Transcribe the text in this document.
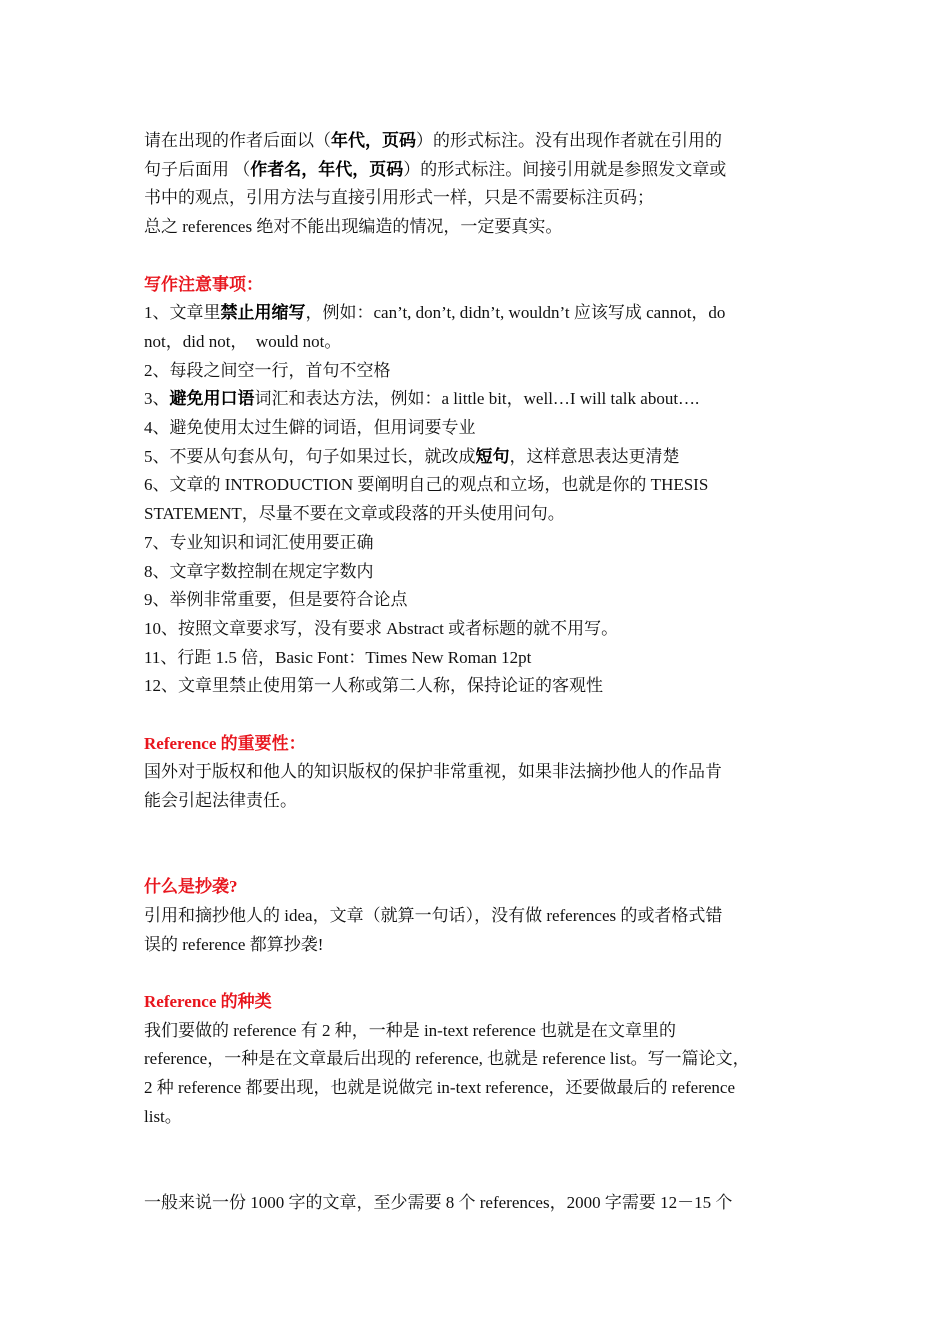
请在出现的作者后面以（年代，页码）的形式标注。没有出现作者就在引用的

句子后面用 （作者名，年代，页码）的形式标注。间接引用就是参照发文章或

书中的观点，引用方法与直接引用形式一样，只是不需要标注页码；

总之 references 绝对不能出现编造的情况，一定要真实。

写作注意事项：

1、文章里禁止用缩写，例如：can’t, don’t, didn’t, wouldn’t 应该写成 cannot，do

not，did not，　would not。

2、每段之间空一行，首句不空格

3、避免用口语词汇和表达方法，例如：a little bit，well…I will talk about….

4、避免使用太过生僻的词语，但用词要专业

5、不要从句套从句，句子如果过长，就改成短句，这样意思表达更清楚

6、文章的 INTRODUCTION 要阐明自己的观点和立场，也就是你的 THESIS

STATEMENT，尽量不要在文章或段落的开头使用问句。

7、专业知识和词汇使用要正确

8、文章字数控制在规定字数内

9、举例非常重要，但是要符合论点

10、按照文章要求写，没有要求 Abstract 或者标题的就不用写。

11、行距 1.5 倍，Basic Font：Times New Roman 12pt

12、文章里禁止使用第一人称或第二人称，保持论证的客观性

Reference 的重要性：

国外对于版权和他人的知识版权的保护非常重视，如果非法摘抄他人的作品肯

能会引起法律责任。

什么是抄袭?

引用和摘抄他人的 idea，文章（就算一句话），没有做 references 的或者格式错

误的 reference 都算抄袭!

Reference 的种类

我们要做的 reference 有 2 种，一种是 in-text reference 也就是在文章里的

reference，一种是在文章最后出现的 reference, 也就是 reference list。写一篇论文，

2 种 reference 都要出现，也就是说做完 in-text reference，还要做最后的 reference

list。

一般来说一份 1000 字的文章，至少需要 8 个 references，2000 字需要 12－15 个
